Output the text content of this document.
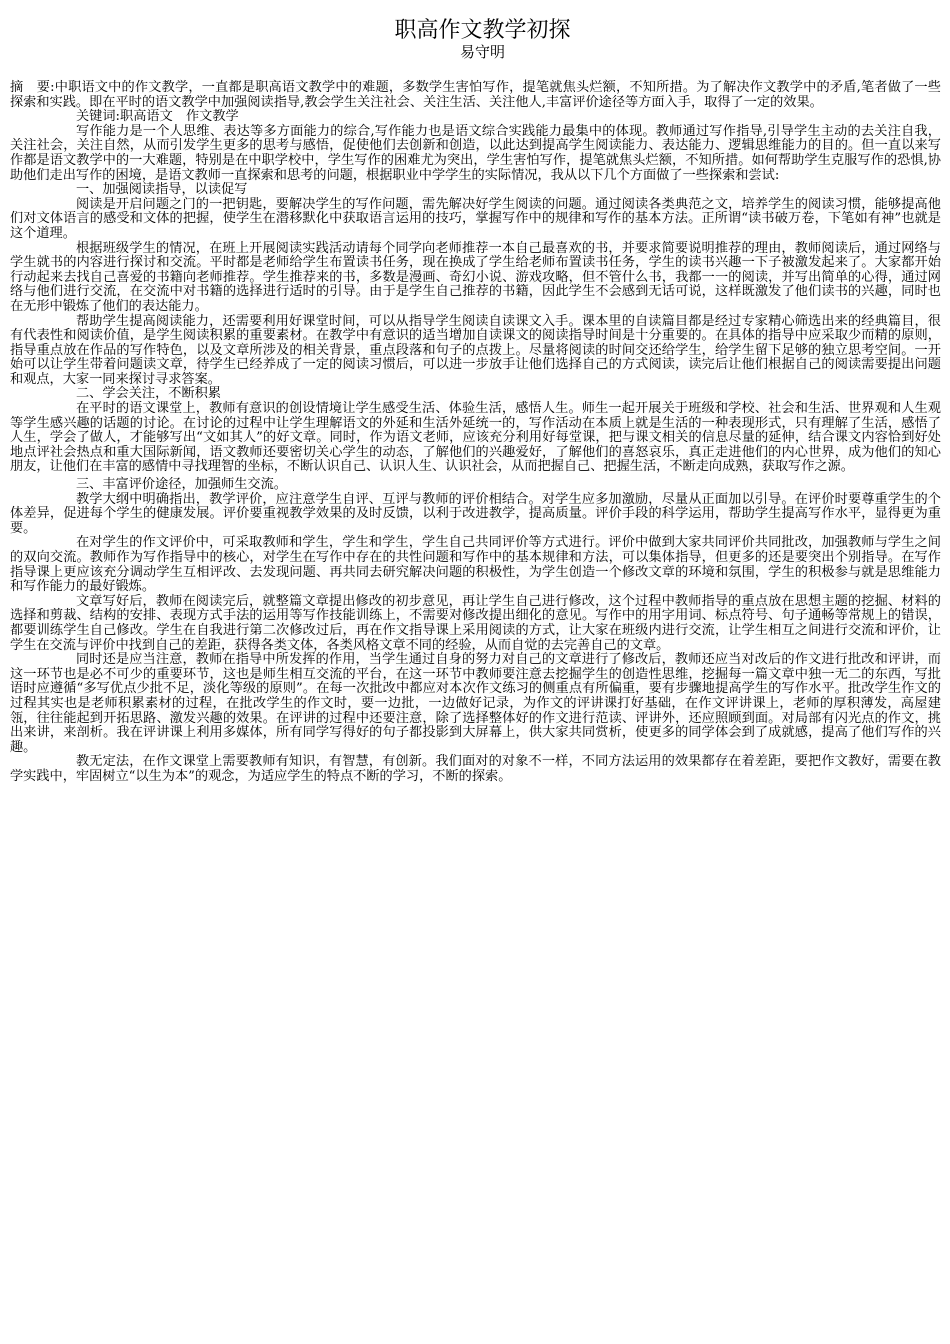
职高作文教学初探

易守明

摘　要:中职语文中的作文教学，一直都是职高语文教学中的难题，多数学生害怕写作，提笔就焦头烂额，不知所措。为了解决作文教学中的矛盾,笔者做了一些探索和实践。即在平时的语文教学中加强阅读指导,教会学生关注社会、关注生活、关注他人,丰富评价途径等方面入手，取得了一定的效果。

关键词:职高语文　作文教学

写作能力是一个人思维、表达等多方面能力的综合,写作能力也是语文综合实践能力最集中的体现。教师通过写作指导,引导学生主动的去关注自我，关注社会，关注自然，从而引发学生更多的思考与感悟，促使他们去创新和创造，以此达到提高学生阅读能力、表达能力、逻辑思维能力的目的。但一直以来写作都是语文教学中的一大难题，特别是在中职学校中，学生写作的困难尤为突出，学生害怕写作，提笔就焦头烂额，不知所措。如何帮助学生克服写作的恐惧,协助他们走出写作的困境，是语文教师一直探索和思考的问题，根据职业中学学生的实际情况，我从以下几个方面做了一些探索和尝试:

一、加强阅读指导，以读促写

阅读是开启问题之门的一把钥匙，要解决学生的写作问题，需先解决好学生阅读的问题。通过阅读各类典范之文，培养学生的阅读习惯，能够提高他们对文体语言的感受和文体的把握，使学生在潜移默化中获取语言运用的技巧，掌握写作中的规律和写作的基本方法。正所谓“读书破万卷，下笔如有神”也就是这个道理。

根据班级学生的情况，在班上开展阅读实践活动请每个同学向老师推荐一本自己最喜欢的书，并要求简要说明推荐的理由，教师阅读后，通过网络与学生就书的内容进行探讨和交流。平时都是老师给学生布置读书任务，现在换成了学生给老师布置读书任务，学生的读书兴趣一下子被激发起来了。大家都开始行动起来去找自己喜爱的书籍向老师推荐。学生推荐来的书，多数是漫画、奇幻小说、游戏攻略，但不管什么书，我都一一的阅读，并写出简单的心得，通过网络与他们进行交流，在交流中对书籍的选择进行适时的引导。由于是学生自己推荐的书籍，因此学生不会感到无话可说，这样既激发了他们读书的兴趣，同时也在无形中锻炼了他们的表达能力。

帮助学生提高阅读能力，还需要利用好课堂时间，可以从指导学生阅读自读课文入手。课本里的自读篇目都是经过专家精心筛选出来的经典篇目，很有代表性和阅读价值，是学生阅读积累的重要素材。在教学中有意识的适当增加自读课文的阅读指导时间是十分重要的。在具体的指导中应采取少而精的原则，指导重点放在作品的写作特色，以及文章所涉及的相关背景，重点段落和句子的点拨上。尽量将阅读的时间交还给学生，给学生留下足够的独立思考空间。一开始可以让学生带着问题读文章，待学生已经养成了一定的阅读习惯后，可以进一步放手让他们选择自己的方式阅读，读完后让他们根据自己的阅读需要提出问题和观点，大家一同来探讨寻求答案。

二、学会关注，不断积累

在平时的语文课堂上，教师有意识的创设情境让学生感受生活、体验生活，感悟人生。师生一起开展关于班级和学校、社会和生活、世界观和人生观等学生感兴趣的话题的讨论。在讨论的过程中让学生理解语文的外延和生活外延统一的，写作活动在本质上就是生活的一种表现形式，只有理解了生活，感悟了人生，学会了做人，才能够写出“文如其人”的好文章。同时，作为语文老师，应该充分利用好每堂课，把与课文相关的信息尽量的延伸，结合课文内容恰到好处地点评社会热点和重大国际新闻，语文教师还要密切关心学生的动态，了解他们的兴趣爱好，了解他们的喜怒哀乐，真正走进他们的内心世界，成为他们的知心朋友，让他们在丰富的感情中寻找理智的坐标，不断认识自己、认识人生、认识社会，从而把握自己、把握生活，不断走向成熟，获取写作之源。

三、丰富评价途径，加强师生交流。

教学大纲中明确指出，教学评价，应注意学生自评、互评与教师的评价相结合。对学生应多加激励，尽量从正面加以引导。在评价时要尊重学生的个体差异，促进每个学生的健康发展。评价要重视教学效果的及时反馈，以利于改进教学，提高质量。评价手段的科学运用，帮助学生提高写作水平，显得更为重要。

在对学生的作文评价中，可采取教师和学生，学生和学生，学生自己共同评价等方式进行。评价中做到大家共同评价共同批改，加强教师与学生之间的双向交流。教师作为写作指导中的核心，对学生在写作中存在的共性问题和写作中的基本规律和方法，可以集体指导，但更多的还是要突出个别指导。在写作指导课上更应该充分调动学生互相评改、去发现问题、再共同去研究解决问题的积极性，为学生创造一个修改文章的环境和氛围，学生的积极参与就是思维能力和写作能力的最好锻炼。

文章写好后，教师在阅读完后，就整篇文章提出修改的初步意见，再让学生自己进行修改，这个过程中教师指导的重点放在思想主题的挖掘、材料的选择和剪裁、结构的安排、表现方式手法的运用等写作技能训练上，不需要对修改提出细化的意见。写作中的用字用词、标点符号、句子通畅等常规上的错误，都要训练学生自己修改。学生在自我进行第二次修改过后，再在作文指导课上采用阅读的方式，让大家在班级内进行交流，让学生相互之间进行交流和评价，让学生在交流与评价中找到自己的差距，获得各类文体，各类风格文章不同的经验，从而自觉的去完善自己的文章。

同时还是应当注意，教师在指导中所发挥的作用，当学生通过自身的努力对自己的文章进行了修改后，教师还应当对改后的作文进行批改和评讲，而这一环节也是必不可少的重要环节，这也是师生相互交流的平台，在这一环节中教师要注意去挖掘学生的创造性思维，挖掘每一篇文章中独一无二的东西，写批语时应遵循“多写优点少批不足，淡化等级的原则”。在每一次批改中都应对本次作文练习的侧重点有所偏重，要有步骤地提高学生的写作水平。批改学生作文的过程其实也是老师积累素材的过程，在批改学生的作文时，要一边批，一边做好记录，为作文的评讲课打好基础，在作文评讲课上，老师的厚积薄发，高屋建瓴，往往能起到开拓思路、激发兴趣的效果。在评讲的过程中还要注意，除了选择整体好的作文进行范读、评讲外，还应照顾到面。对局部有闪光点的作文，挑出来讲，来剖析。我在评讲课上利用多媒体，所有同学写得好的句子都投影到大屏幕上，供大家共同赏析，使更多的同学体会到了成就感，提高了他们写作的兴趣。

教无定法，在作文课堂上需要教师有知识，有智慧，有创新。我们面对的对象不一样，不同方法运用的效果都存在着差距，要把作文教好，需要在教学实践中，牢固树立“以生为本”的观念，为适应学生的特点不断的学习，不断的探索。
